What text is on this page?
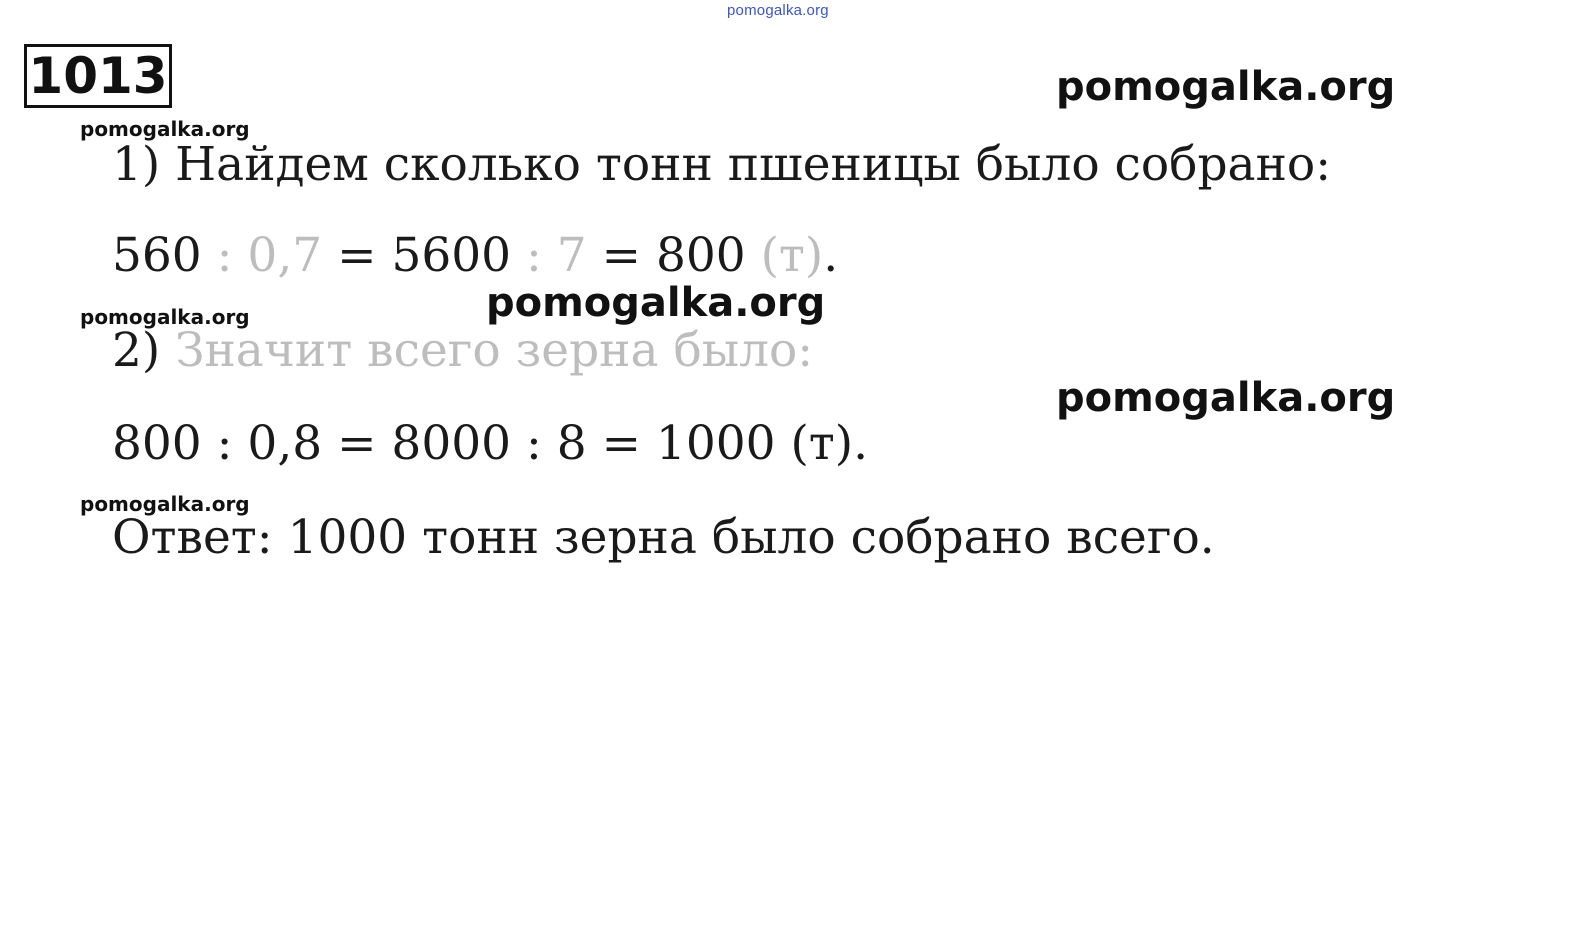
pomogalka.org
1013	pomogalka.org
pomogalka.org
1) Найдем сколько тонн пшеницы было собрано:
560 : 0,7 = 5600 : 7 = 800 (т).
pomogalka.org
pomogalka.org
2) Значит всего зерна было:
pomogalka.org
800 : 0,8 = 8000 : 8 = 1000 (т).
pomogalka.org
Ответ: 1000 тонн зерна было собрано всего.
